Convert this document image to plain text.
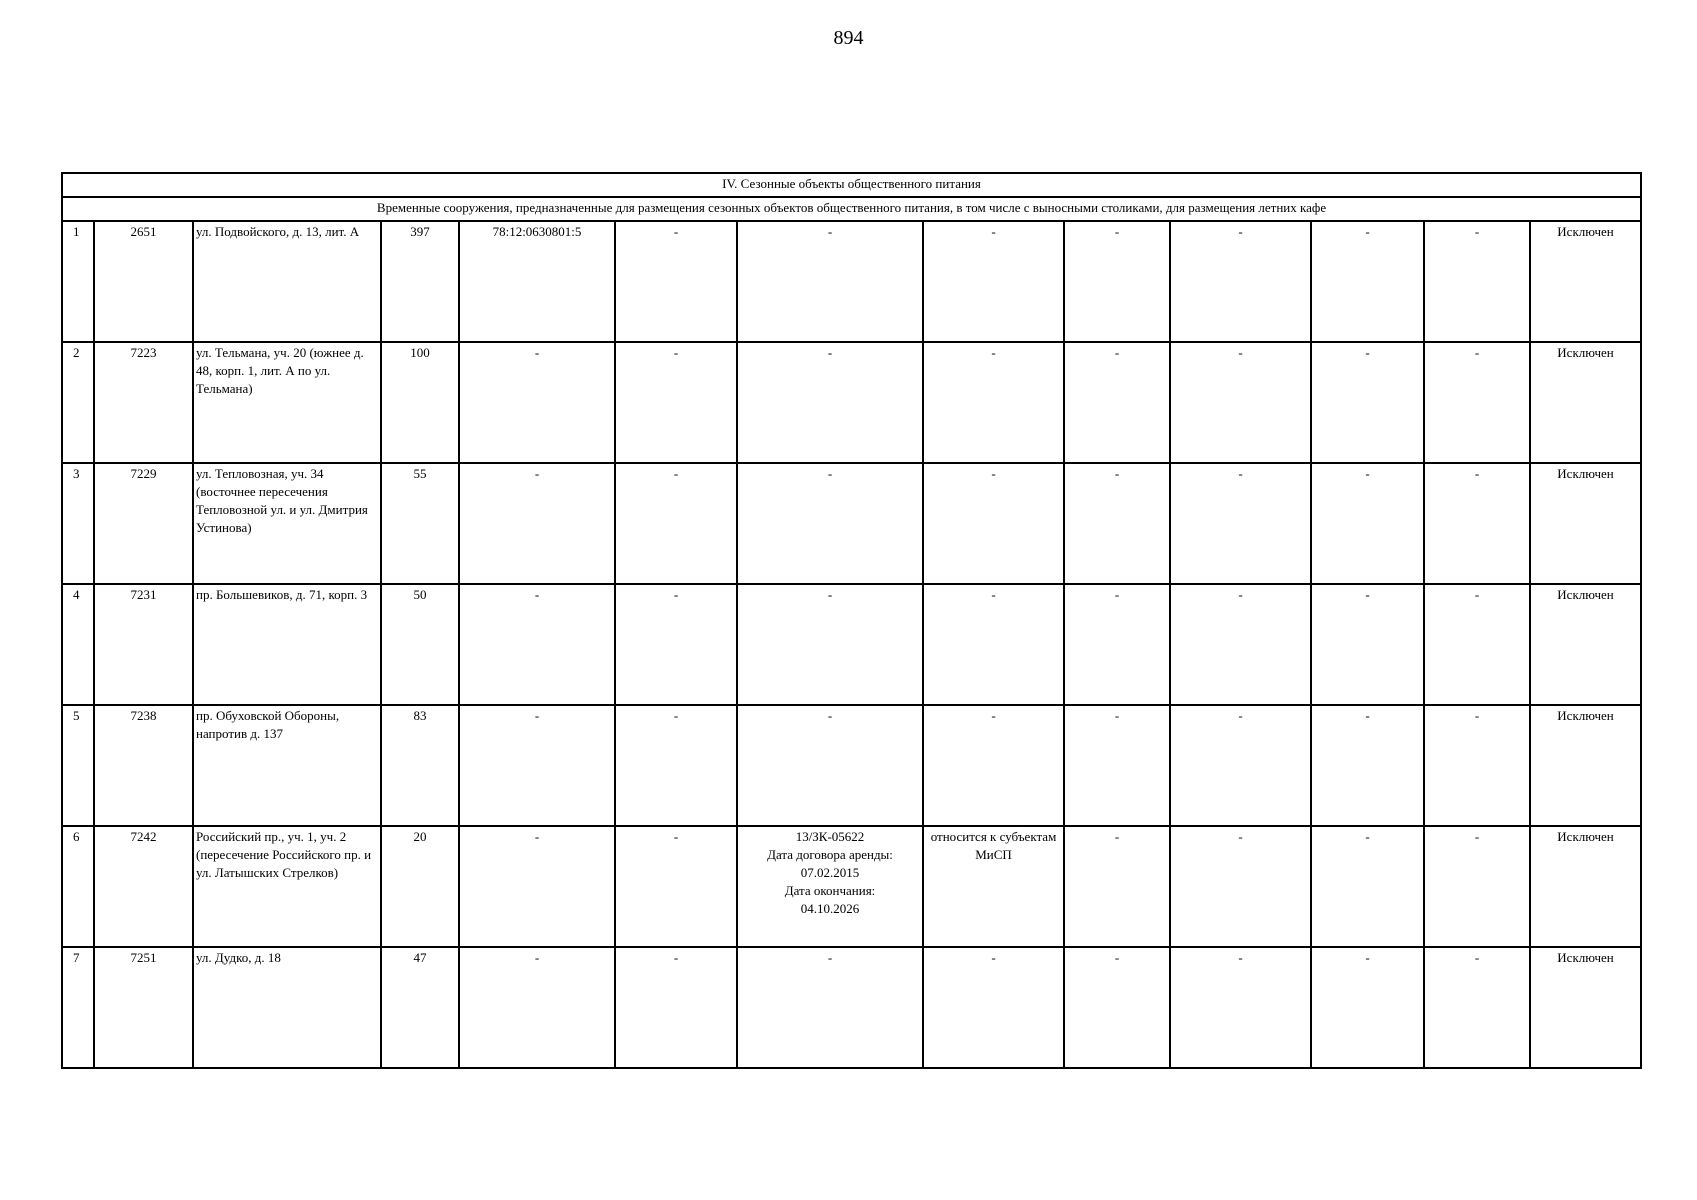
894
IV. Сезонные объекты общественного питания												
Временные сооружения, предназначенные для размещения сезонных объектов общественного питания, в том числе с выносными столиками, для размещения летних кафе												
1	2651	ул. Подвойского, д. 13, лит. А	397	78:12:0630801:5	-	-	-	-	-	-	-	Исключен
2	7223	ул. Тельмана, уч. 20 (южнее д. 48, корп. 1, лит. А по ул. Тельмана)	100	-	-	-	-	-	-	-	-	Исключен
3	7229	ул. Тепловозная, уч. 34 (восточнее пересечения Тепловозной ул. и ул. Дмитрия Устинова)	55	-	-	-	-	-	-	-	-	Исключен
4	7231	пр. Большевиков, д. 71, корп. 3	50	-	-	-	-	-	-	-	-	Исключен
5	7238	пр. Обуховской Обороны, напротив д. 137	83	-	-	-	-	-	-	-	-	Исключен
6	7242	Российский пр., уч. 1, уч. 2 (пересечение Российского пр. и ул. Латышских Стрелков)	20	-	-	13/ЗК-05622
Дата договора аренды:
07.02.2015
Дата окончания:
04.10.2026	относится к субъектам
МиСП	-	-	-	-	Исключен
7	7251	ул. Дудко, д. 18	47	-	-	-	-	-	-	-	-	Исключен
